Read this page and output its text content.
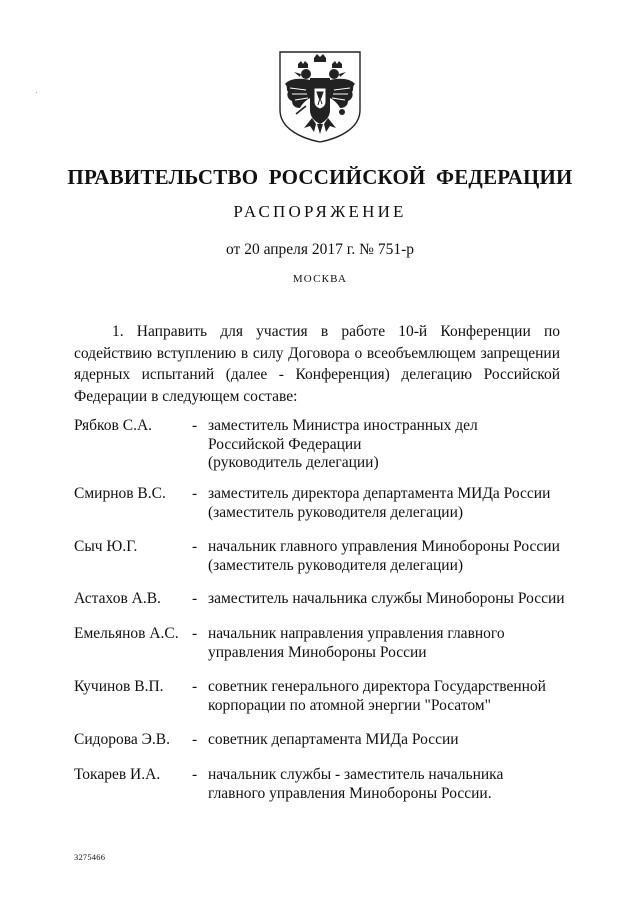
ПРАВИТЕЛЬСТВО РОССИЙСКОЙ ФЕДЕРАЦИИ
РАСПОРЯЖЕНИЕ
от 20 апреля 2017 г. № 751-р
МОСКВА
1. Направить для участия в работе 10-й Конференции по содействию вступлению в силу Договора о всеобъемлющем запрещении ядерных испытаний (далее - Конференция) делегацию Российской Федерации в следующем составе:
Рябков С.А.	- заместитель Министра иностранных дел
Российской Федерации
(руководитель делегации)
Смирнов В.С.	- заместитель директора департамента МИДа России
(заместитель руководителя делегации)
Сыч Ю.Г.	- начальник главного управления Минобороны России
(заместитель руководителя делегации)
Астахов А.В.	- заместитель начальника службы Минобороны России
Емельянов А.С. - начальник направления управления главного
управления Минобороны России
Кучинов В.П.	- советник генерального директора Государственной
корпорации по атомной энергии "Росатом"
Сидорова Э.В.	- советник департамента МИДа России
Токарев И.А.	- начальник службы - заместитель начальника
главного управления Минобороны России.
3275466
